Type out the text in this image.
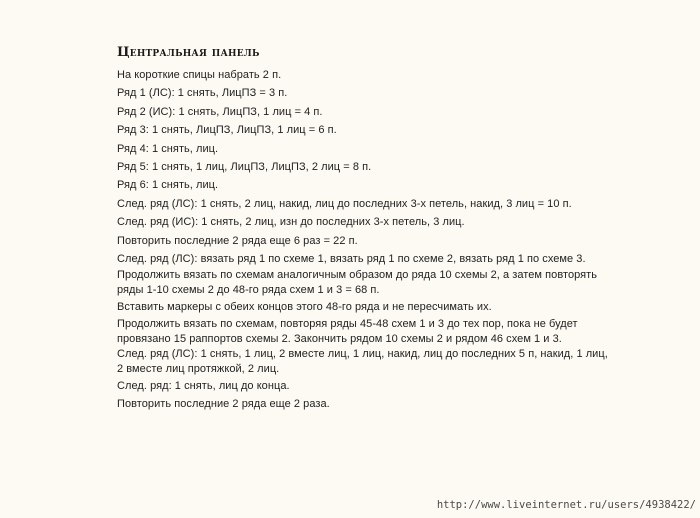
Центральная панель
На короткие спицы набрать 2 п.
Ряд 1 (ЛС): 1 снять, ЛицПЗ = 3 п.
Ряд 2 (ИС): 1 снять, ЛицПЗ, 1 лиц = 4 п.
Ряд 3: 1 снять, ЛицПЗ, ЛицПЗ, 1 лиц = 6 п.
Ряд 4: 1 снять, лиц.
Ряд 5: 1 снять, 1 лиц, ЛицПЗ, ЛицПЗ, 2 лиц = 8 п.
Ряд 6: 1 снять, лиц.
След. ряд (ЛС): 1 снять, 2 лиц, накид, лиц до последних 3-х петель, накид, 3 лиц = 10 п.
След. ряд (ИС): 1 снять, 2 лиц, изн до последних 3-х петель, 3 лиц.
Повторить последние 2 ряда еще 6 раз = 22 п.
След. ряд (ЛС): вязать ряд 1 по схеме 1, вязать ряд 1 по схеме 2, вязать ряд 1 по схеме 3.
Продолжить вязать по схемам аналогичным образом до ряда 10 схемы 2, а затем повторять
ряды 1-10 схемы 2 до 48-го ряда схем 1 и 3 = 68 п.
Вставить маркеры с обеих концов этого 48-го ряда и не пересчимать их.
Продолжить вязать по схемам, повторяя ряды 45-48 схем 1 и 3 до тех пор, пока не будет
провязано 15 раппортов схемы 2. Закончить рядом 10 схемы 2 и рядом 46 схем 1 и 3.
След. ряд (ЛС): 1 снять, 1 лиц, 2 вместе лиц, 1 лиц, накид, лиц до последних 5 п, накид, 1 лиц,
2 вместе лиц протяжкой, 2 лиц.
След. ряд: 1 снять, лиц до конца.
Повторить последние 2 ряда еще 2 раза.
http://www.liveinternet.ru/users/4938422/
